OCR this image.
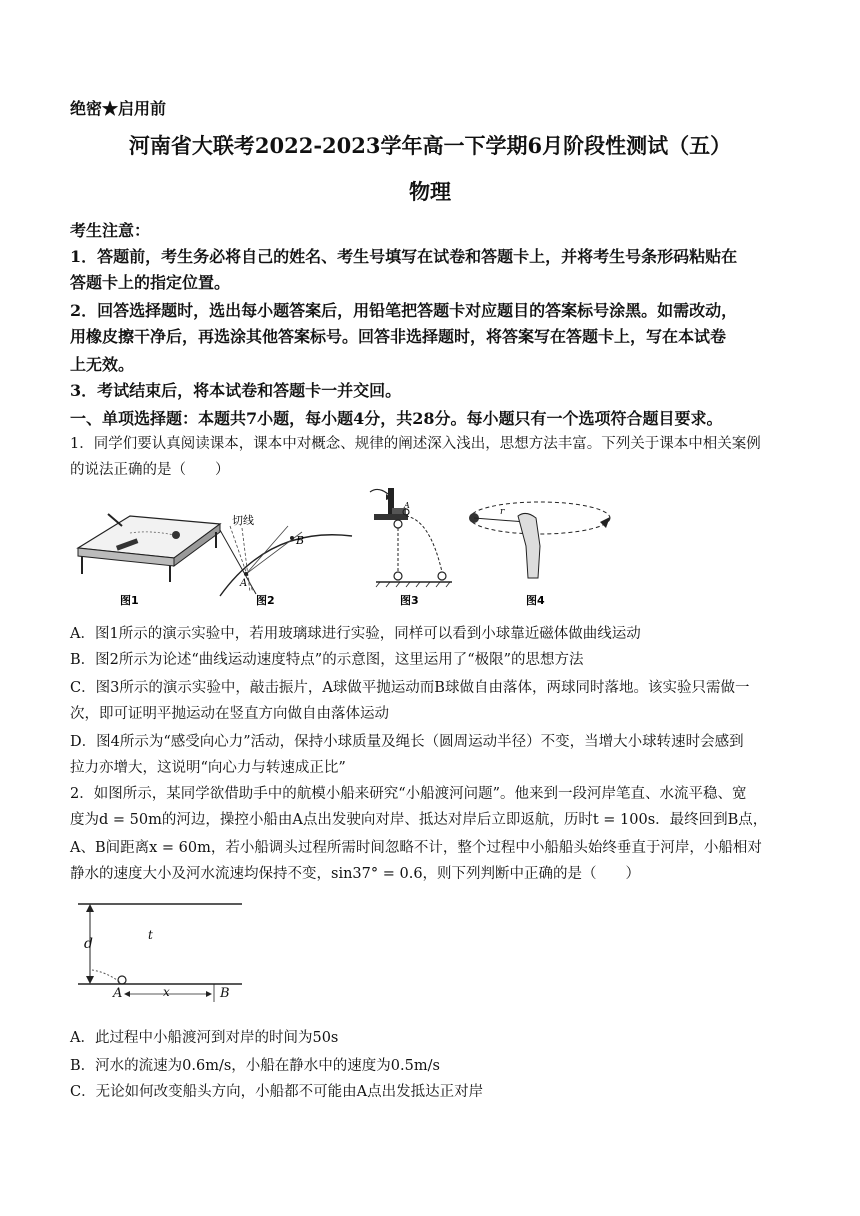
绝密★启用前
河南省大联考2022-2023学年高一下学期6月阶段性测试（五）
物理
考生注意：
1．答题前，考生务必将自己的姓名、考生号填写在试卷和答题卡上，并将考生号条形码粘贴在
答题卡上的指定位置。
2．回答选择题时，选出每小题答案后，用铅笔把答题卡对应题目的答案标号涂黑。如需改动，
用橡皮擦干净后，再选涂其他答案标号。回答非选择题时，将答案写在答题卡上，写在本试卷
上无效。
3．考试结束后，将本试卷和答题卡一并交回。
一、单项选择题：本题共7小题，每小题4分，共28分。每小题只有一个选项符合题目要求。
1．同学们要认真阅读课本，课本中对概念、规律的阐述深入浅出，思想方法丰富。下列关于课本中相关案例
的说法正确的是（　　）
图1
切线
A
B
图2
A
图3
r
图4
A．图1所示的演示实验中，若用玻璃球进行实验，同样可以看到小球靠近磁体做曲线运动
B．图2所示为论述“曲线运动速度特点”的示意图，这里运用了“极限”的思想方法
C．图3所示的演示实验中，敲击振片，A球做平抛运动而B球做自由落体，两球同时落地。该实验只需做一
次，即可证明平抛运动在竖直方向做自由落体运动
D．图4所示为“感受向心力”活动，保持小球质量及绳长（圆周运动半径）不变，当增大小球转速时会感到
拉力亦增大，这说明“向心力与转速成正比”
2．如图所示，某同学欲借助手中的航模小船来研究“小船渡河问题”。他来到一段河岸笔直、水流平稳、宽
度为d = 50m的河边，操控小船由A点出发驶向对岸、抵达对岸后立即返航，历时t = 100s．最终回到B点，
A、B间距离x = 60m，若小船调头过程所需时间忽略不计，整个过程中小船船头始终垂直于河岸，小船相对
静水的速度大小及河水流速均保持不变，sin37° = 0.6，则下列判断中正确的是（　　）
d
t
A	x	B
A．此过程中小船渡河到对岸的时间为50s
B．河水的流速为0.6m/s，小船在静水中的速度为0.5m/s
C．无论如何改变船头方向，小船都不可能由A点出发抵达正对岸
